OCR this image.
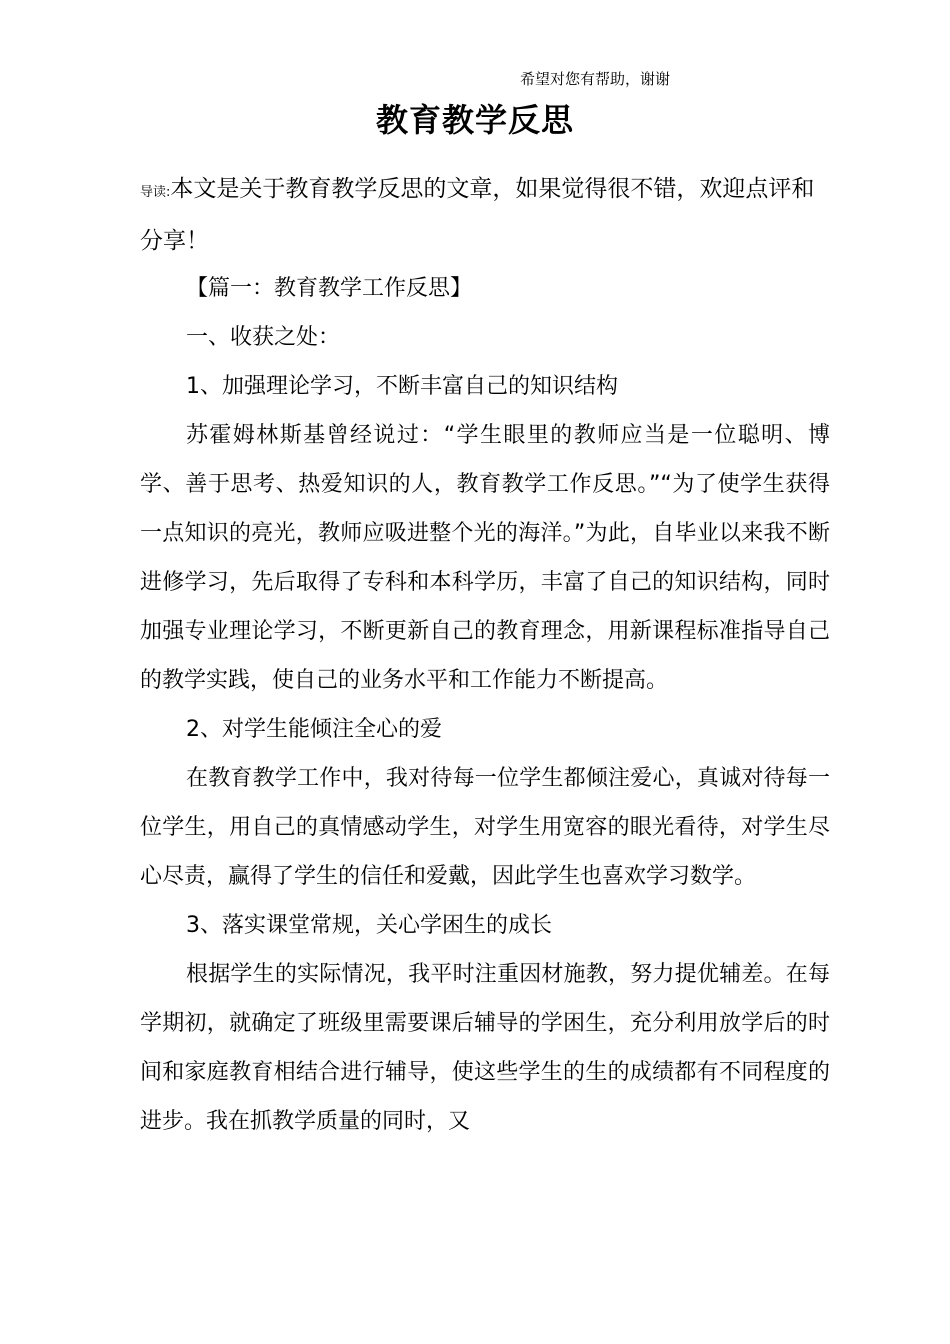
希望对您有帮助，谢谢
教育教学反思
导读:本文是关于教育教学反思的文章，如果觉得很不错，欢迎点评和分享！

【篇一：教育教学工作反思】

一、收获之处：

1、加强理论学习，不断丰富自己的知识结构

苏霍姆林斯基曾经说过：“学生眼里的教师应当是一位聪明、博学、善于思考、热爱知识的人，教育教学工作反思。”“为了使学生获得一点知识的亮光，教师应吸进整个光的海洋。”为此，自毕业以来我不断进修学习，先后取得了专科和本科学历，丰富了自己的知识结构，同时加强专业理论学习，不断更新自己的教育理念，用新课程标准指导自己的教学实践，使自己的业务水平和工作能力不断提高。

2、对学生能倾注全心的爱

在教育教学工作中，我对待每一位学生都倾注爱心，真诚对待每一位学生，用自己的真情感动学生，对学生用宽容的眼光看待，对学生尽心尽责，赢得了学生的信任和爱戴，因此学生也喜欢学习数学。

3、落实课堂常规，关心学困生的成长

根据学生的实际情况，我平时注重因材施教，努力提优辅差。在每学期初，就确定了班级里需要课后辅导的学困生，充分利用放学后的时间和家庭教育相结合进行辅导，使这些学生的生的成绩都有不同程度的进步。我在抓教学质量的同时，又
